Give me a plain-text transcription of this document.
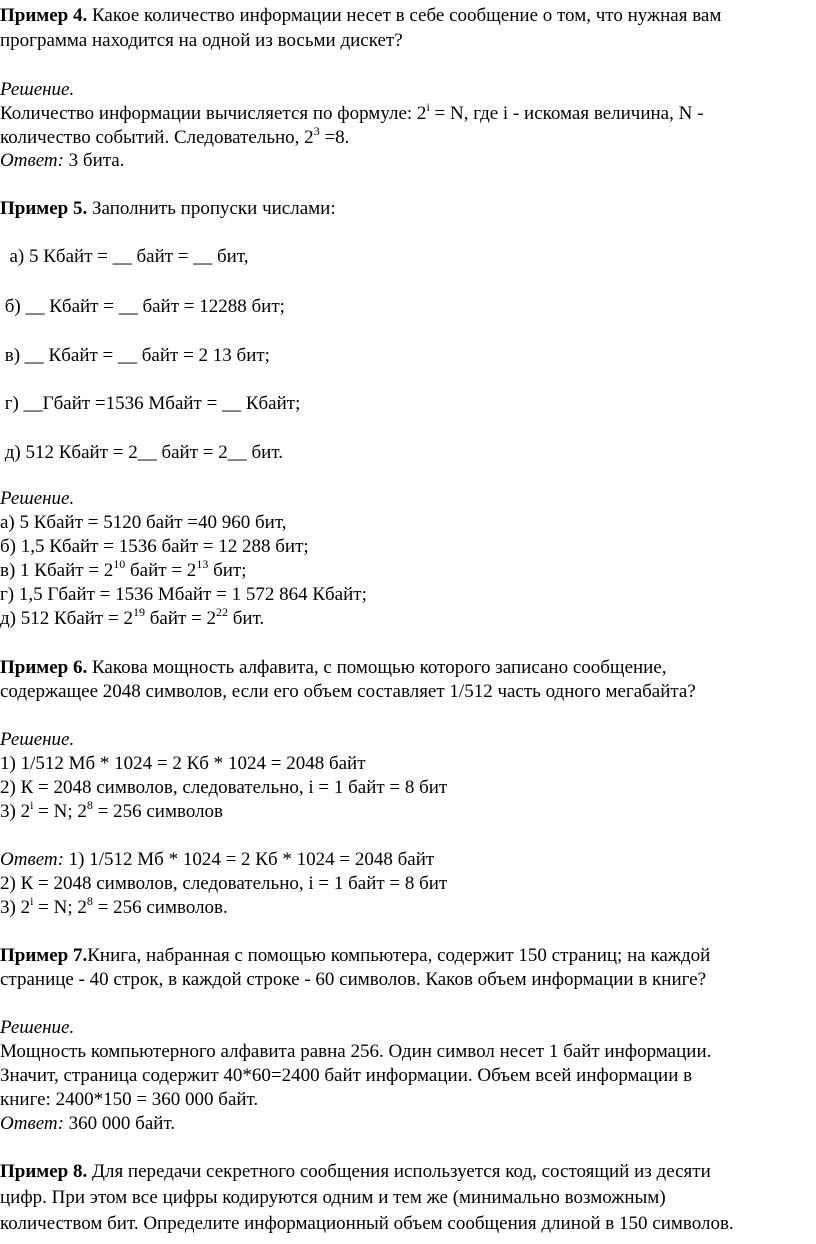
Пример 4. Какое количество информации несет в себе сообщение о том, что нужная вам
программа находится на одной из восьми дискет?
Решение.
Количество информации вычисляется по формуле: $2^i = N$, где i - искомая величина, N -
количество событий. Следовательно, $2^3 =8$.
Ответ: 3 бита.
Пример 5. Заполнить пропуски числами:
а) 5 Кбайт = __ байт = __ бит,
б) __ Кбайт = __ байт = 12288 бит;
в) __ Кбайт = __ байт = 2 13 бит;
г) __Гбайт =1536 Мбайт = __ Кбайт;
д) 512 Кбайт = 2__ байт = 2__ бит.
Решение.
а) 5 Кбайт = 5120 байт =40 960 бит,
б) 1,5 Кбайт = 1536 байт = 12 288 бит;
в) 1 Кбайт = $2^{10}$ байт = $2^{13}$ бит;
г) 1,5 Гбайт = 1536 Мбайт = 1 572 864 Кбайт;
д) 512 Кбайт = $2^{19}$ байт = $2^{22}$ бит.
Пример 6. Какова мощность алфавита, с помощью которого записано сообщение,
содержащее 2048 символов, если его объем составляет 1/512 часть одного мегабайта?
Решение.
1) 1/512 Мб * 1024 = 2 Кб * 1024 = 2048 байт
2) К = 2048 символов, следовательно, i = 1 байт = 8 бит
3) $2^i = N$; $2^8 = 256$ символов
Ответ: 1) 1/512 Мб * 1024 = 2 Кб * 1024 = 2048 байт
2) К = 2048 символов, следовательно, i = 1 байт = 8 бит
3) $2^i = N$; $2^8 = 256$ символов.
Пример 7.Книга, набранная с помощью компьютера, содержит 150 страниц; на каждой
странице - 40 строк, в каждой строке - 60 символов. Каков объем информации в книге?
Решение.
Мощность компьютерного алфавита равна 256. Один символ несет 1 байт информации.
Значит, страница содержит 40*60=2400 байт информации. Объем всей информации в
книге: 2400*150 = 360 000 байт.
Ответ: 360 000 байт.
Пример 8. Для передачи секретного сообщения используется код, состоящий из десяти
цифр. При этом все цифры кодируются одним и тем же (минимально возможным)
количеством бит. Определите информационный объем сообщения длиной в 150 символов.
